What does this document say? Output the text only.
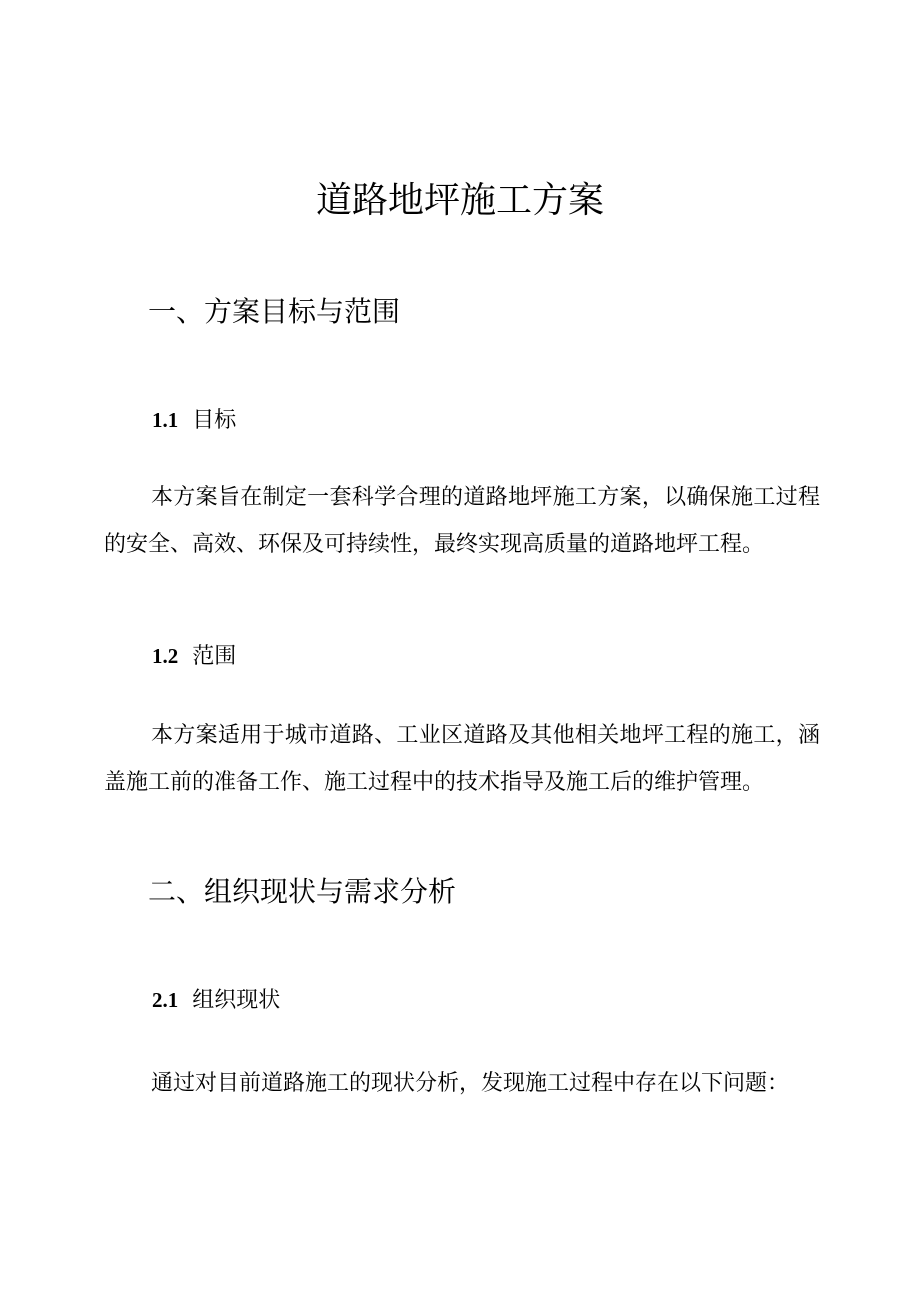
道路地坪施工方案
一、方案目标与范围
1.1 目标

本方案旨在制定一套科学合理的道路地坪施工方案，以确保施工过程的安全、高效、环保及可持续性，最终实现高质量的道路地坪工程。

1.2 范围

本方案适用于城市道路、工业区道路及其他相关地坪工程的施工，涵盖施工前的准备工作、施工过程中的技术指导及施工后的维护管理。

二、组织现状与需求分析
2.1 组织现状

通过对目前道路施工的现状分析，发现施工过程中存在以下问题：
